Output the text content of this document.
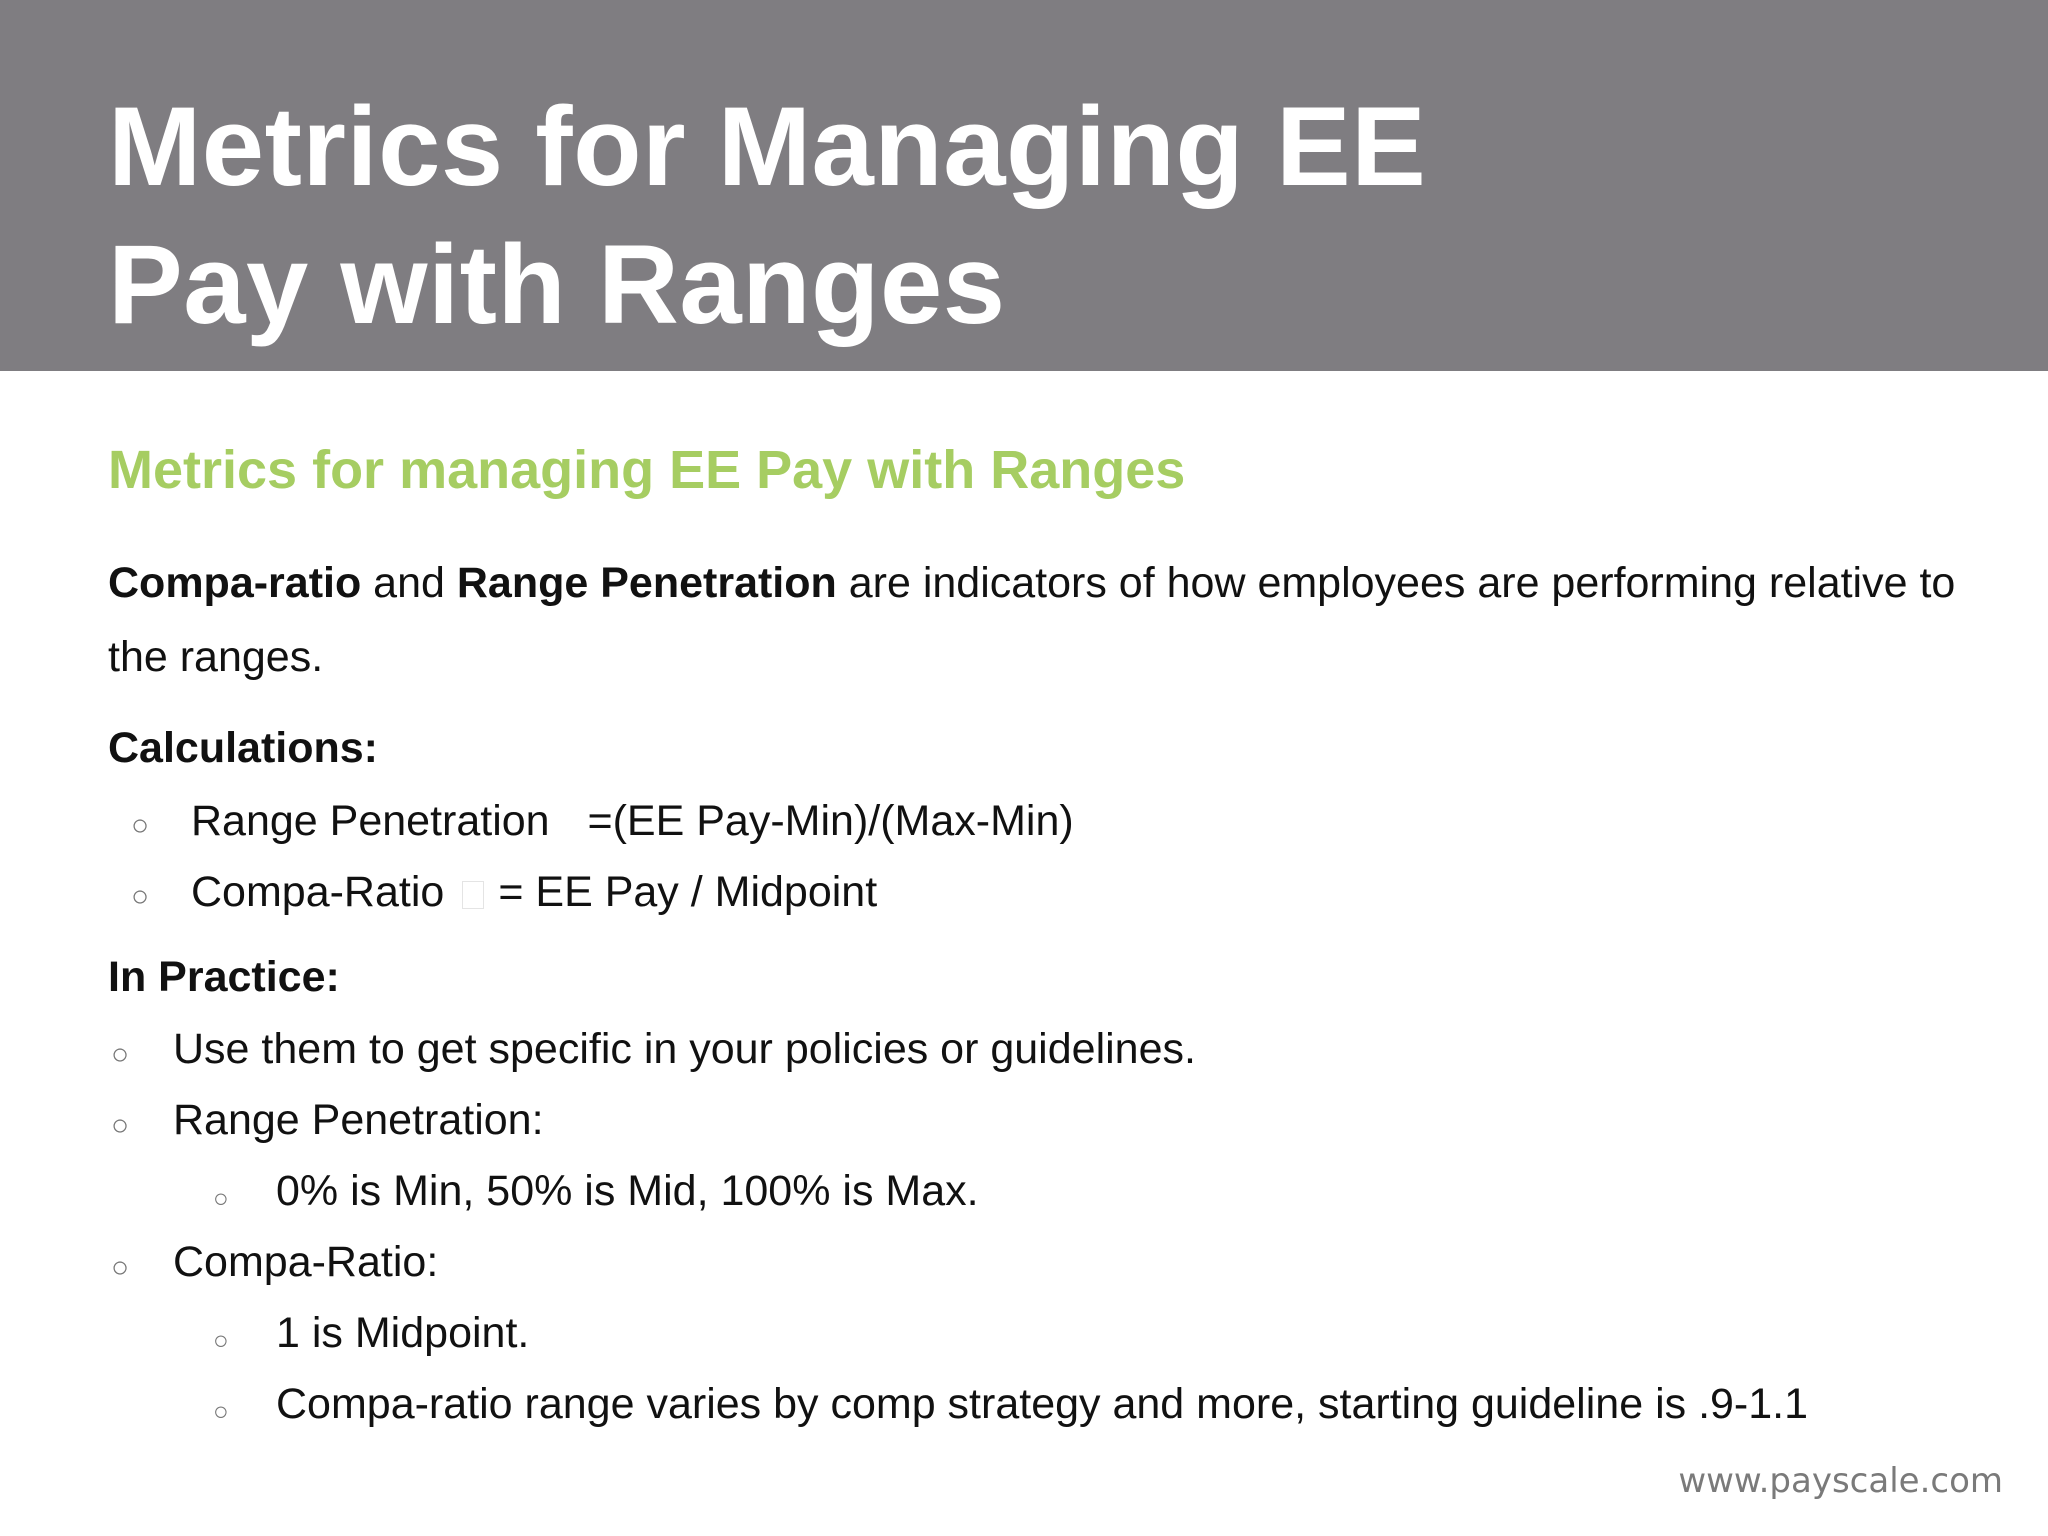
Metrics for Managing EE
Pay with Ranges

Metrics for managing EE Pay with Ranges

Compa-ratio and Range Penetration are indicators of how employees are performing relative to the ranges.

Calculations:

○ Range Penetration =(EE Pay-Min)/(Max-Min)
○ Compa-Ratio = EE Pay / Midpoint

In Practice:

○ Use them to get specific in your policies or guidelines.
○ Range Penetration:
○ 0% is Min, 50% is Mid, 100% is Max.
○ Compa-Ratio:
○ 1 is Midpoint.
○ Compa-ratio range varies by comp strategy and more, starting guideline is .9-1.1
www.payscale.com
